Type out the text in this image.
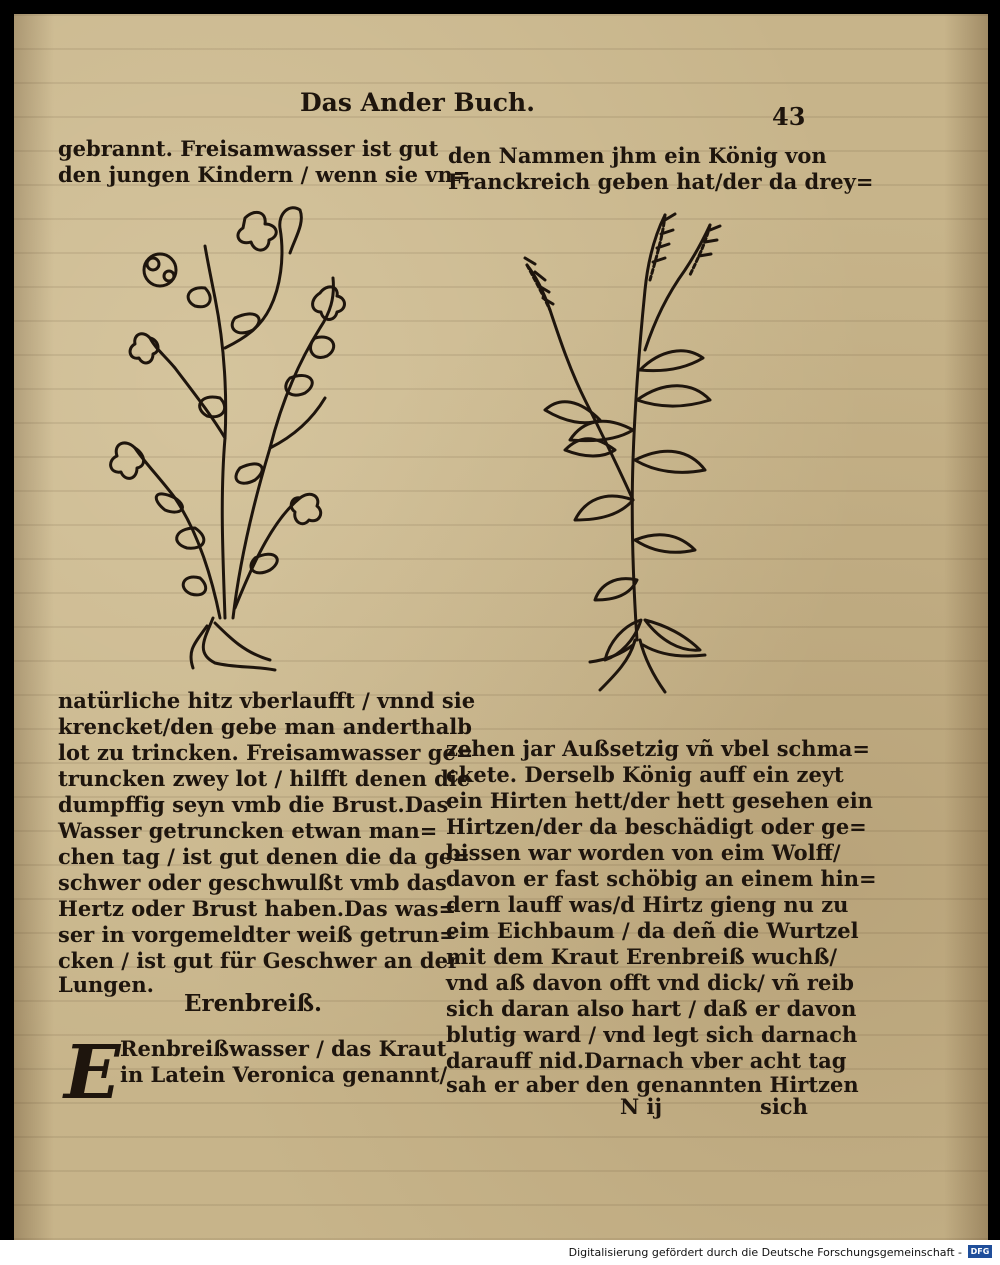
Das Ander Buch.	43
gebrannt. Freisamwasser ist gut
den jungen Kindern / wenn sie vn=
den Nammen jhm ein König von
Franckreich geben hat/der da drey=
natürliche hitz vberlaufft / vnnd sie
krencket/den gebe man anderthalb
lot zu trincken. Freisamwasser ge=
truncken zwey lot / hilfft denen die
dumpffig seyn vmb die Brust.Das
Wasser getruncken etwan man=
chen tag / ist gut denen die da ge=
schwer oder geschwulßt vmb das
Hertz oder Brust haben.Das was=
ser in vorgemeldter weiß getrun=
cken / ist gut für Geschwer an der
Lungen.
Erenbreiß.
E Renbreißwasser / das Kraut
in Latein Veronica genannt/
zehen jar Außsetzig vñ vbel schma=
ckete. Derselb König auff ein zeyt
ein Hirten hett/der hett gesehen ein
Hirtzen/der da beschädigt oder ge=
bissen war worden von eim Wolff/
davon er fast schöbig an einem hin=
dern lauff was/d Hirtz gieng nu zu
eim Eichbaum / da deñ die Wurtzel
mit dem Kraut Erenbreiß wuchß/
vnd aß davon offt vnd dick/ vñ reib
sich daran also hart / daß er davon
blutig ward / vnd legt sich darnach
darauff nid.Darnach vber acht tag
sah er aber den genannten Hirtzen
N ij	sich
Digitalisierung gefördert durch die Deutsche Forschungsgemeinschaft -	DFG
